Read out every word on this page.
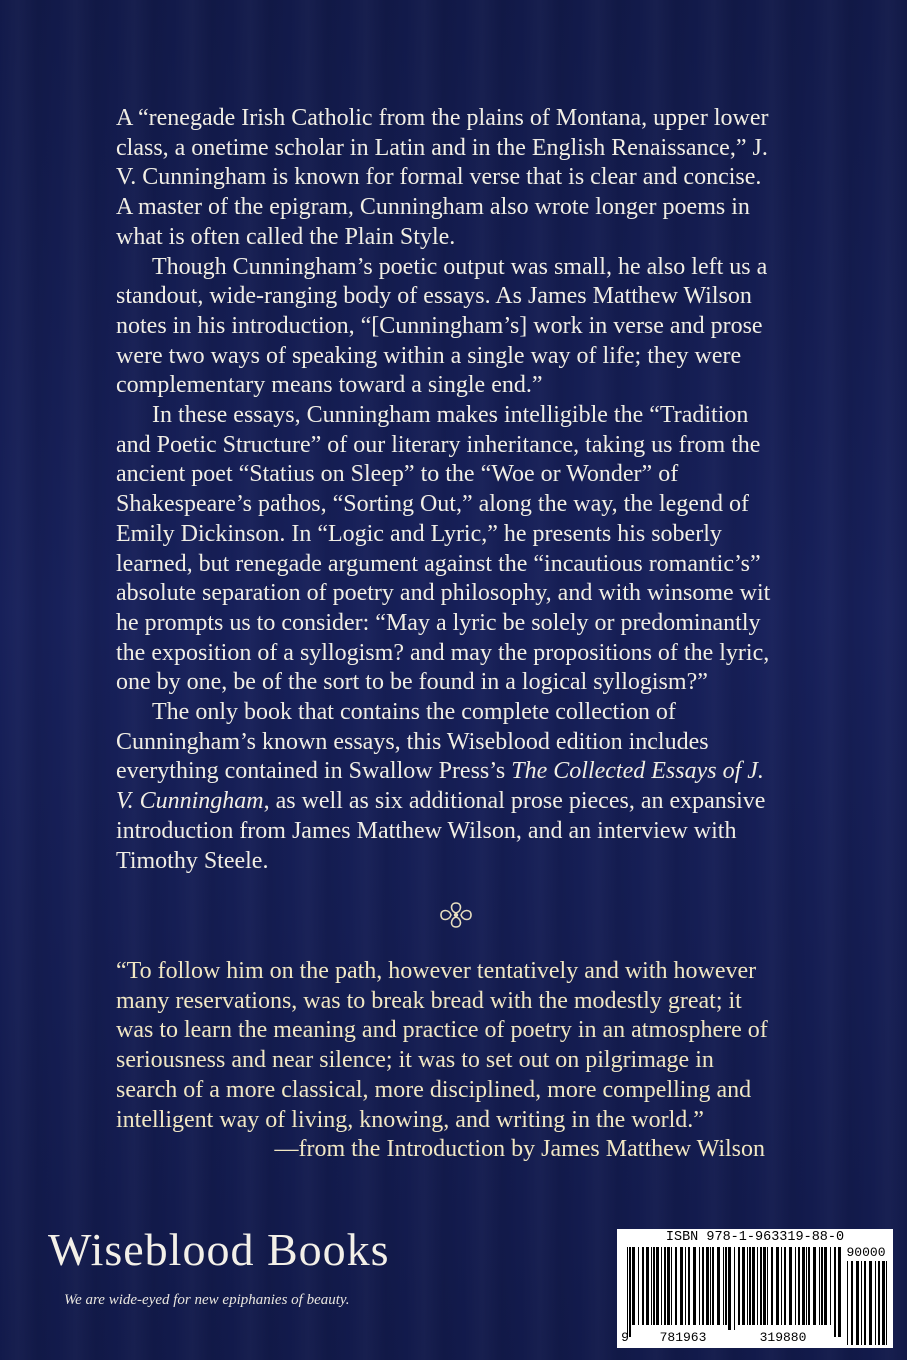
A “renegade Irish Catholic from the plains of Montana, upper lower class, a onetime scholar in Latin and in the English Renaissance,” J. V. Cunningham is known for formal verse that is clear and concise. A master of the epigram, Cunningham also wrote longer poems in what is often called the Plain Style.

Though Cunningham’s poetic output was small, he also left us a standout, wide-ranging body of essays. As James Matthew Wilson notes in his introduction, “[Cunningham’s] work in verse and prose were two ways of speaking within a single way of life; they were complementary means toward a single end.”

In these essays, Cunningham makes intelligible the “Tradition and Poetic Structure” of our literary inheritance, taking us from the ancient poet “Statius on Sleep” to the “Woe or Wonder” of Shakespeare’s pathos, “Sorting Out,” along the way, the legend of Emily Dickinson. In “Logic and Lyric,” he presents his soberly learned, but renegade argument against the “incautious romantic’s” absolute separation of poetry and philosophy, and with winsome wit he prompts us to consider: “May a lyric be solely or predominantly the exposition of a syllogism? and may the propositions of the lyric, one by one, be of the sort to be found in a logical syllogism?”

The only book that contains the complete collection of Cunningham’s known essays, this Wiseblood edition includes everything contained in Swallow Press’s The Collected Essays of J. V. Cunningham, as well as six additional prose pieces, an expansive introduction from James Matthew Wilson, and an interview with Timothy Steele.

“To follow him on the path, however tentatively and with however many reservations, was to break bread with the modestly great; it was to learn the meaning and practice of poetry in an atmosphere of seriousness and near silence; it was to set out on pilgrimage in search of a more classical, more disciplined, more compelling and intelligent way of living, knowing, and writing in the world.”

—from the Introduction by James Matthew Wilson

Wiseblood Books
We are wide-eyed for new epiphanies of beauty.
ISBN 978-1-963319-88-0
90000
9 781963	319880
